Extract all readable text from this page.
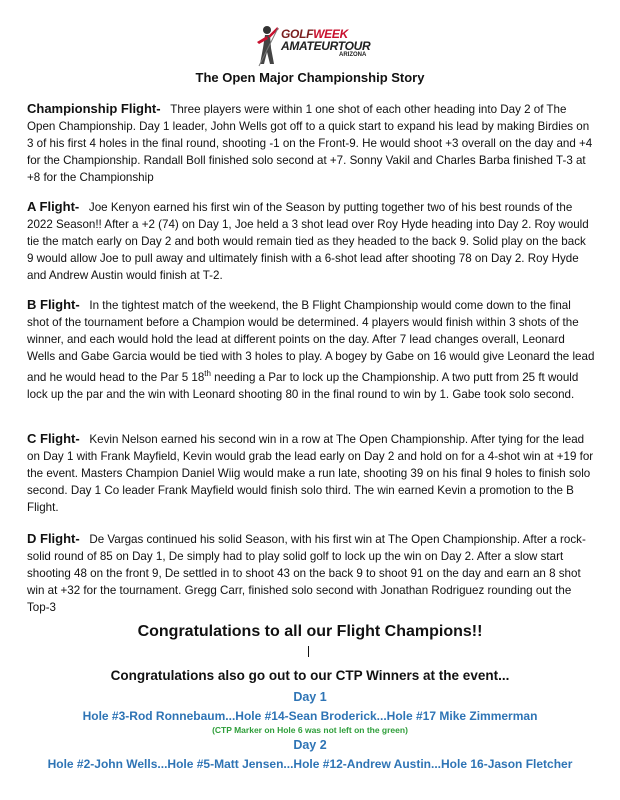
GOLFWEEK
AMATEURTOUR
ARIZONA
The Open Major Championship Story
Championship Flight- Three players were within 1 one shot of each other heading into Day 2 of The Open Championship. Day 1 leader, John Wells got off to a quick start to expand his lead by making Birdies on 3 of his first 4 holes in the final round, shooting -1 on the Front-9. He would shoot +3 overall on the day and +4 for the Championship. Randall Boll finished solo second at +7. Sonny Vakil and Charles Barba finished T-3 at +8 for the Championship
A Flight- Joe Kenyon earned his first win of the Season by putting together two of his best rounds of the 2022 Season!! After a +2 (74) on Day 1, Joe held a 3 shot lead over Roy Hyde heading into Day 2. Roy would tie the match early on Day 2 and both would remain tied as they headed to the back 9. Solid play on the back 9 would allow Joe to pull away and ultimately finish with a 6-shot lead after shooting 78 on Day 2. Roy Hyde and Andrew Austin would finish at T-2.
B Flight- In the tightest match of the weekend, the B Flight Championship would come down to the final shot of the tournament before a Champion would be determined. 4 players would finish within 3 shots of the winner, and each would hold the lead at different points on the day. After 7 lead changes overall, Leonard Wells and Gabe Garcia would be tied with 3 holes to play. A bogey by Gabe on 16 would give Leonard the lead and he would head to the Par 5 18th needing a Par to lock up the Championship. A two putt from 25 ft would lock up the par and the win with Leonard shooting 80 in the final round to win by 1. Gabe took solo second.
C Flight- Kevin Nelson earned his second win in a row at The Open Championship. After tying for the lead on Day 1 with Frank Mayfield, Kevin would grab the lead early on Day 2 and hold on for a 4-shot win at +19 for the event. Masters Champion Daniel Wiig would make a run late, shooting 39 on his final 9 holes to finish solo second. Day 1 Co leader Frank Mayfield would finish solo third. The win earned Kevin a promotion to the B Flight.
D Flight- De Vargas continued his solid Season, with his first win at The Open Championship. After a rock-solid round of 85 on Day 1, De simply had to play solid golf to lock up the win on Day 2. After a slow start shooting 48 on the front 9, De settled in to shoot 43 on the back 9 to shoot 91 on the day and earn an 8 shot win at +32 for the tournament. Gregg Carr, finished solo second with Jonathan Rodriguez rounding out the Top-3
Congratulations to all our Flight Champions!!
Congratulations also go out to our CTP Winners at the event...
Day 1
Hole #3-Rod Ronnebaum...Hole #14-Sean Broderick...Hole #17 Mike Zimmerman
(CTP Marker on Hole 6 was not left on the green)
Day 2
Hole #2-John Wells...Hole #5-Matt Jensen...Hole #12-Andrew Austin...Hole 16-Jason Fletcher
